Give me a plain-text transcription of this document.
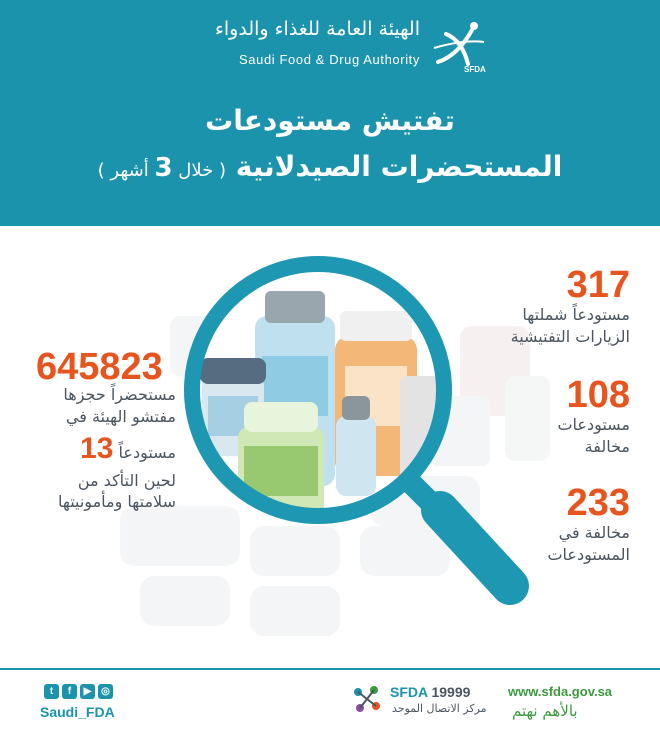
الهيئة العامة للغذاء والدواء
Saudi Food & Drug Authority
SFDA
تفتيش مستودعات
المستحضرات الصيدلانية ( خلال 3 أشهر )
317
مستودعاً شملتها
الزيارات التفتيشية
108
مستودعات
مخالفة
233
مخالفة في
المستودعات
645823
مستحضراً حجزها
مفتشو الهيئة في
مستودعاً 13
لحين التأكد من
سلامتها ومأمونيتها
t	f	▶ ◎
Saudi_FDA
SFDA 19999
مركز الاتصال الموحد
www.sfda.gov.sa
بالأهم نهتم
